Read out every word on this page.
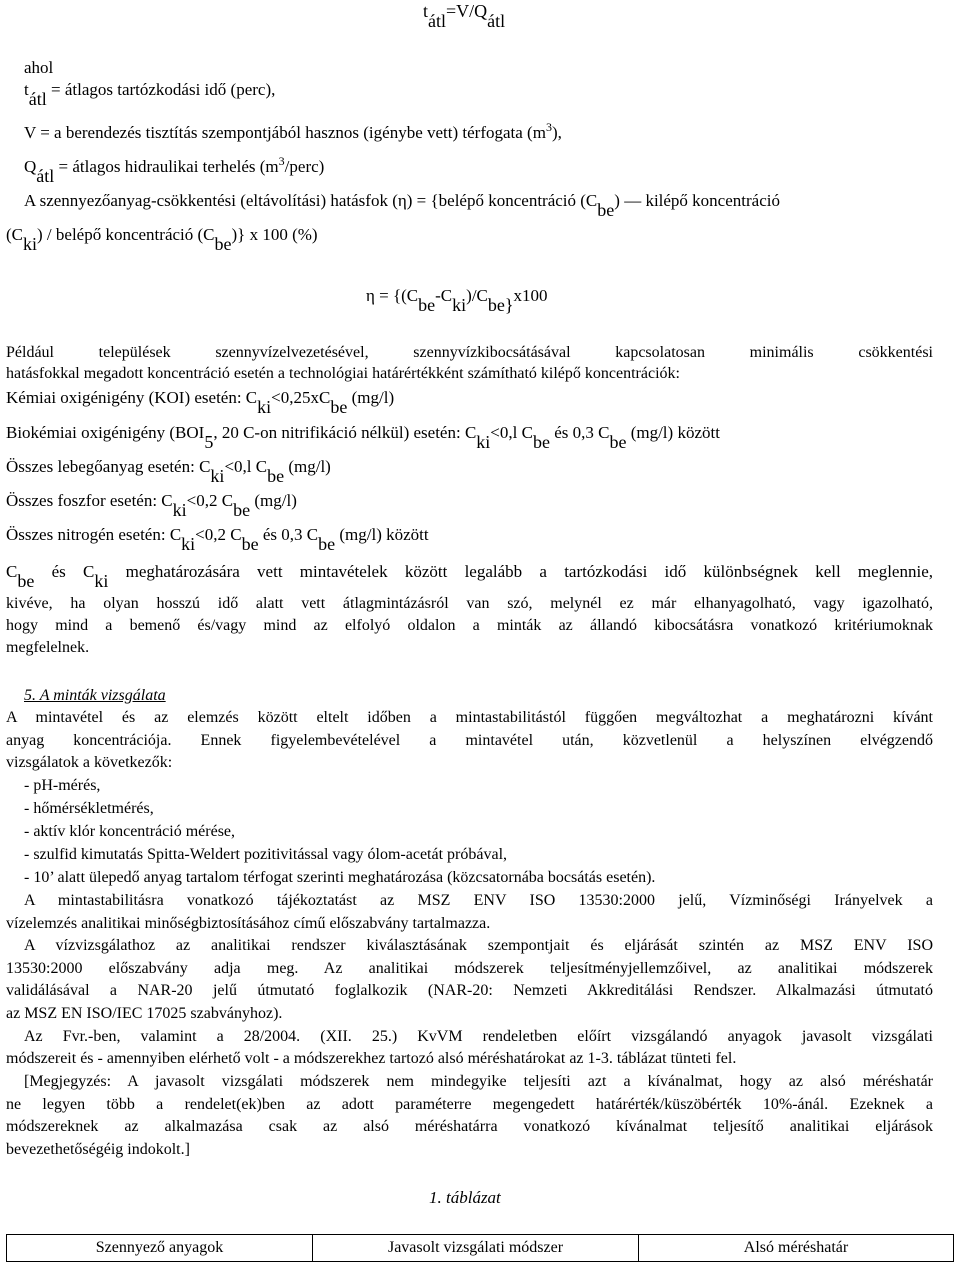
tátl=V/Qátl
ahol
tátl = átlagos tartózkodási idő (perc),
V = a berendezés tisztítás szempontjából hasznos (igénybe vett) térfogata $(m^3)$,
Qátl = átlagos hidraulikai terhelés $(m^3/perc)$
A szennyezőanyag-csökkentési (eltávolítási) hatásfok (η) = {belépő koncentráció (Cbe) — kilépő koncentráció
(Cki) / belépő koncentráció (Cbe)} x 100 (%)
η = {(Cbe-Cki)/Cbe}x100
Például települések szennyvízelvezetésével, szennyvízkibocsátásával kapcsolatosan minimális csökkentési
hatásfokkal megadott koncentráció esetén a technológiai határértékként számítható kilépő koncentrációk:
Kémiai oxigénigény (KOI) esetén: Cki<0,25xCbe (mg/l)
Biokémiai oxigénigény (BOI5, 20 C-on nitrifikáció nélkül) esetén: Cki<0,l Cbe és 0,3 Cbe (mg/l) között
Összes lebegőanyag esetén: Cki<0,l Cbe (mg/l)
Összes foszfor esetén: Cki<0,2 Cbe (mg/l)
Összes nitrogén esetén: Cki<0,2 Cbe és 0,3 Cbe (mg/l) között
Cbe és Cki meghatározására vett mintavételek között legalább a tartózkodási idő különbségnek kell meglennie,
kivéve, ha olyan hosszú idő alatt vett átlagmintázásról van szó, melynél ez már elhanyagolható, vagy igazolható,
hogy mind a bemenő és/vagy mind az elfolyó oldalon a minták az állandó kibocsátásra vonatkozó kritériumoknak
megfelelnek.
5. A minták vizsgálata
A mintavétel és az elemzés között eltelt időben a mintastabilitástól függően megváltozhat a meghatározni kívánt
anyag koncentrációja. Ennek figyelembevételével a mintavétel után, közvetlenül a helyszínen elvégzendő
vizsgálatok a következők:
- pH-mérés,
- hőmérsékletmérés,
- aktív klór koncentráció mérése,
- szulfid kimutatás Spitta-Weldert pozitivitással vagy ólom-acetát próbával,
- 10’ alatt ülepedő anyag tartalom térfogat szerinti meghatározása (közcsatornába bocsátás esetén).
A mintastabilitásra vonatkozó tájékoztatást az MSZ ENV ISO 13530:2000 jelű, Vízminőségi Irányelvek a
vízelemzés analitikai minőségbiztosításához című előszabvány tartalmazza.
A vízvizsgálathoz az analitikai rendszer kiválasztásának szempontjait és eljárását szintén az MSZ ENV ISO
13530:2000 előszabvány adja meg. Az analitikai módszerek teljesítményjellemzőivel, az analitikai módszerek
validálásával a NAR-20 jelű útmutató foglalkozik (NAR-20: Nemzeti Akkreditálási Rendszer. Alkalmazási útmutató
az MSZ EN ISO/IEC 17025 szabványhoz).
Az Fvr.-ben, valamint a 28/2004. (XII. 25.) KvVM rendeletben előírt vizsgálandó anyagok javasolt vizsgálati
módszereit és - amennyiben elérhető volt - a módszerekhez tartozó alsó méréshatárokat az 1-3. táblázat tünteti fel.
[Megjegyzés: A javasolt vizsgálati módszerek nem mindegyike teljesíti azt a kívánalmat, hogy az alsó méréshatár
ne legyen több a rendelet(ek)ben az adott paraméterre megengedett határérték/küszöbérték 10%-ánál. Ezeknek a
módszereknek az alkalmazása csak az alsó méréshatárra vonatkozó kívánalmat teljesítő analitikai eljárások
bevezethetőségéig indokolt.]
1. táblázat
Szennyező anyagok	Javasolt vizsgálati módszer	Alsó méréshatár
